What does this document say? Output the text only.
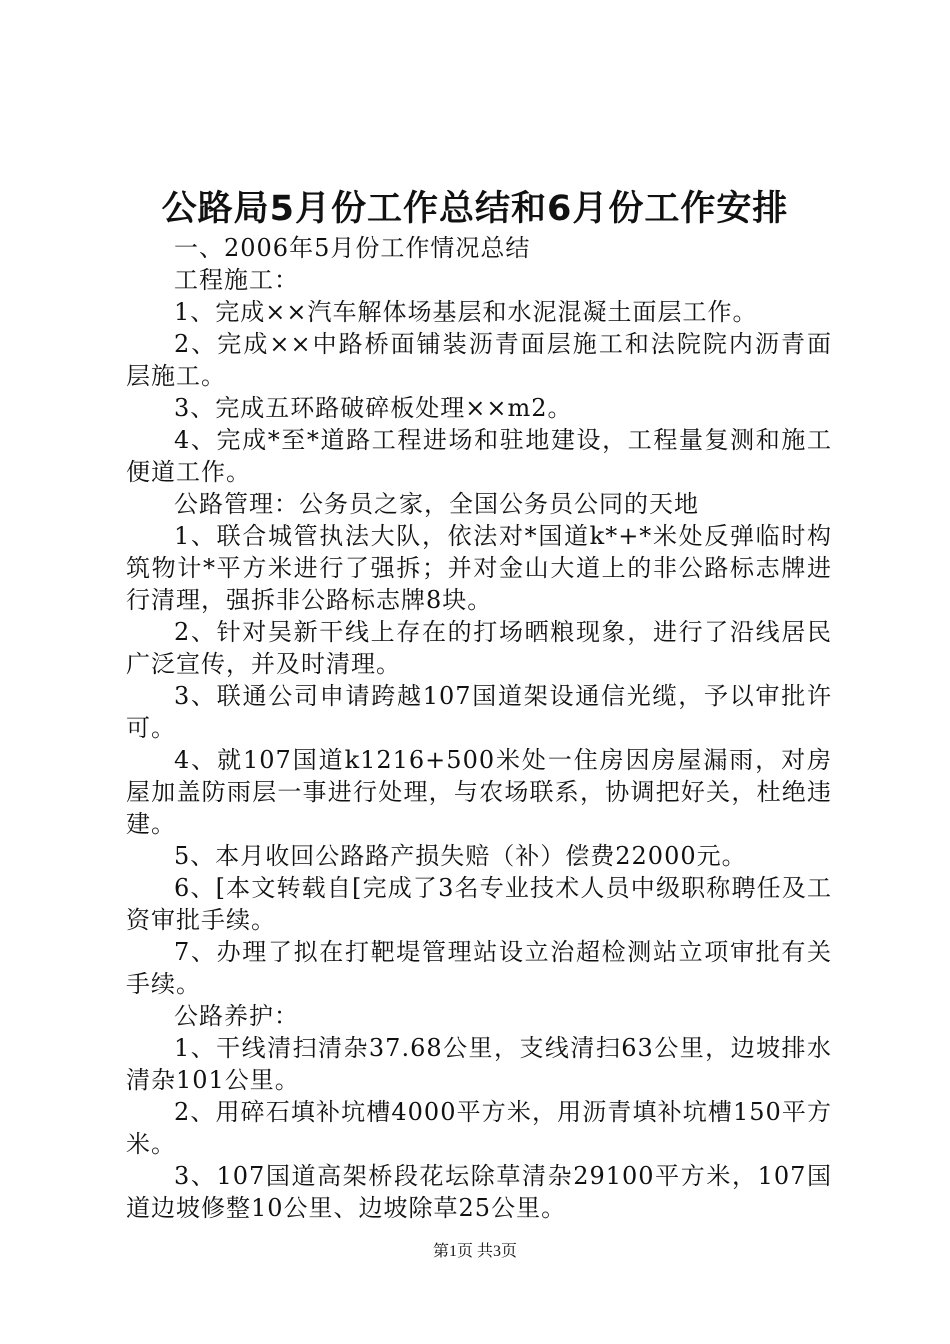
公路局5月份工作总结和6月份工作安排

一、2006年5月份工作情况总结

工程施工：

1、完成××汽车解体场基层和水泥混凝土面层工作。

2、完成××中路桥面铺装沥青面层施工和法院院内沥青面层施工。

3、完成五环路破碎板处理××m2。

4、完成*至*道路工程进场和驻地建设，工程量复测和施工便道工作。

公路管理：公务员之家，全国公务员公同的天地

1、联合城管执法大队，依法对*国道k*+*米处反弹临时构筑物计*平方米进行了强拆；并对金山大道上的非公路标志牌进行清理，强拆非公路标志牌8块。

2、针对吴新干线上存在的打场晒粮现象，进行了沿线居民广泛宣传，并及时清理。

3、联通公司申请跨越107国道架设通信光缆，予以审批许可。

4、就107国道k1216+500米处一住房因房屋漏雨，对房屋加盖防雨层一事进行处理，与农场联系，协调把好关，杜绝违建。

5、本月收回公路路产损失赔（补）偿费22000元。

6、[本文转载自[完成了3名专业技术人员中级职称聘任及工资审批手续。

7、办理了拟在打靶堤管理站设立治超检测站立项审批有关手续。

公路养护：

1、干线清扫清杂37.68公里，支线清扫63公里，边坡排水清杂101公里。

2、用碎石填补坑槽4000平方米，用沥青填补坑槽150平方米。

3、107国道高架桥段花坛除草清杂29100平方米，107国道边坡修整10公里、边坡除草25公里。

第1页 共3页
